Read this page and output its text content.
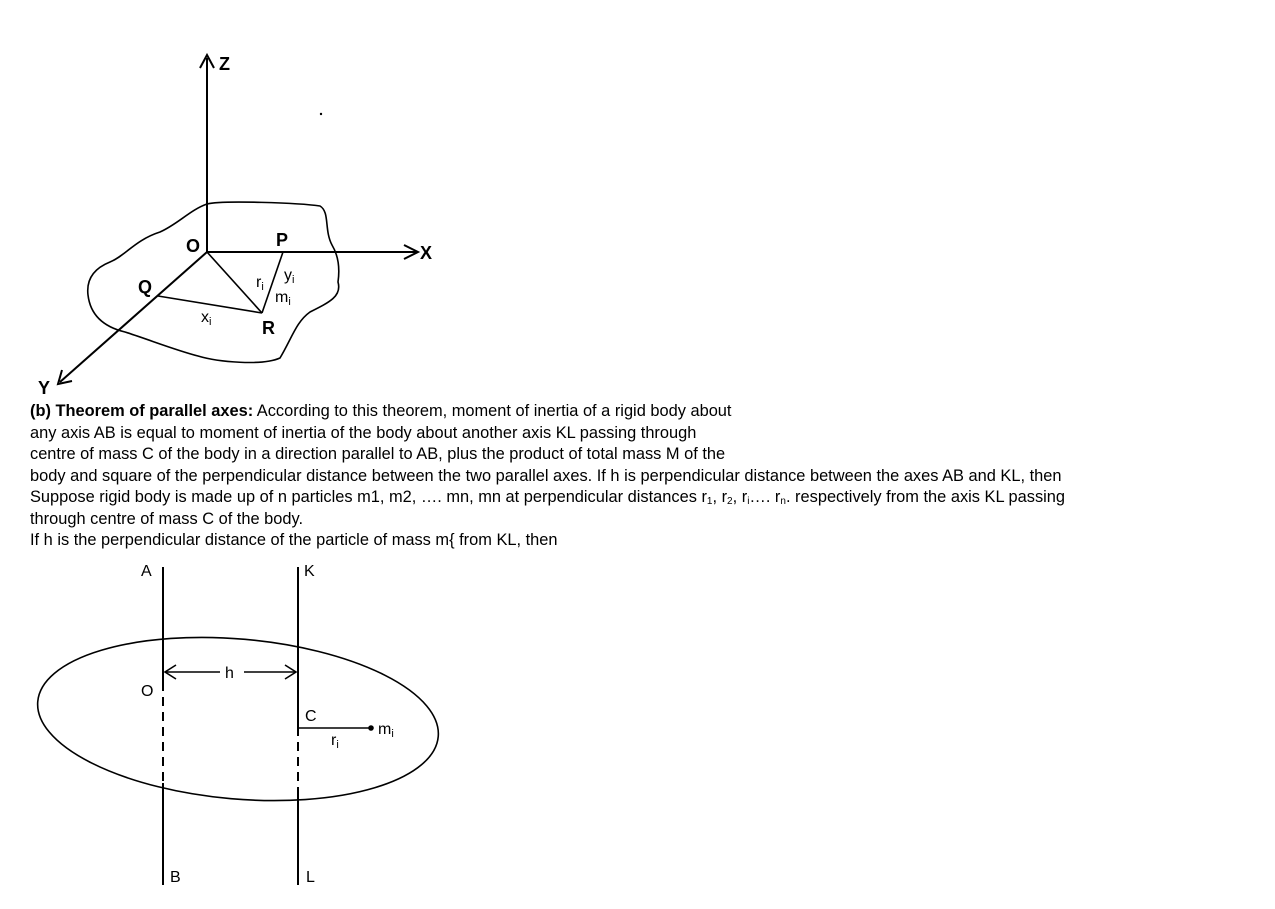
Z
X
Y
O	P
Q
R
ri
yi
mi
xi
(b) Theorem of parallel axes: According to this theorem, moment of inertia of a rigid body about
any axis AB is equal to moment of inertia of the body about another axis KL passing through
centre of mass C of the body in a direction parallel to AB, plus the product of total mass M of the
body and square of the perpendicular distance between the two parallel axes. If h is perpendicular distance between the axes AB and KL, then
Suppose rigid body is made up of n particles m1, m2, …. mn, mn at perpendicular distances r1, r2, ri…. rn. respectively from the axis KL passing
through centre of mass C of the body.
If h is the perpendicular distance of the particle of mass m{ from KL, then
A	K
O
h
C
mi
ri
B	L
